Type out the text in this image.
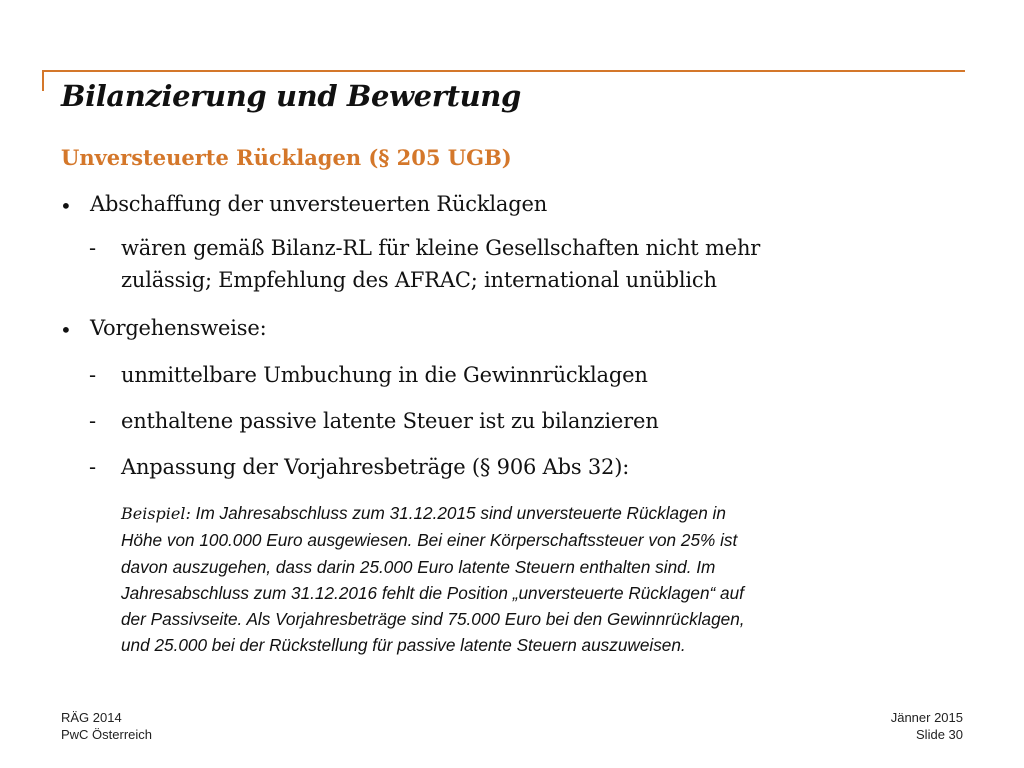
Bilanzierung und Bewertung
Unversteuerte Rücklagen (§ 205 UGB)
• Abschaffung der unversteuerten Rücklagen

- wären gemäß Bilanz-RL für kleine Gesellschaften nicht mehr

zulässig; Empfehlung des AFRAC; international unüblich

• Vorgehensweise:

- unmittelbare Umbuchung in die Gewinnrücklagen

- enthaltene passive latente Steuer ist zu bilanzieren

- Anpassung der Vorjahresbeträge (§ 906 Abs 32):

Beispiel: Im Jahresabschluss zum 31.12.2015 sind unversteuerte Rücklagen in
Höhe von 100.000 Euro ausgewiesen. Bei einer Körperschaftssteuer von 25% ist
davon auszugehen, dass darin 25.000 Euro latente Steuern enthalten sind. Im
Jahresabschluss zum 31.12.2016 fehlt die Position „unversteuerte Rücklagen“ auf
der Passivseite. Als Vorjahresbeträge sind 75.000 Euro bei den Gewinnrücklagen,
und 25.000 bei der Rückstellung für passive latente Steuern auszuweisen.
RÄG 2014
PwC Österreich
Jänner 2015
Slide 30
